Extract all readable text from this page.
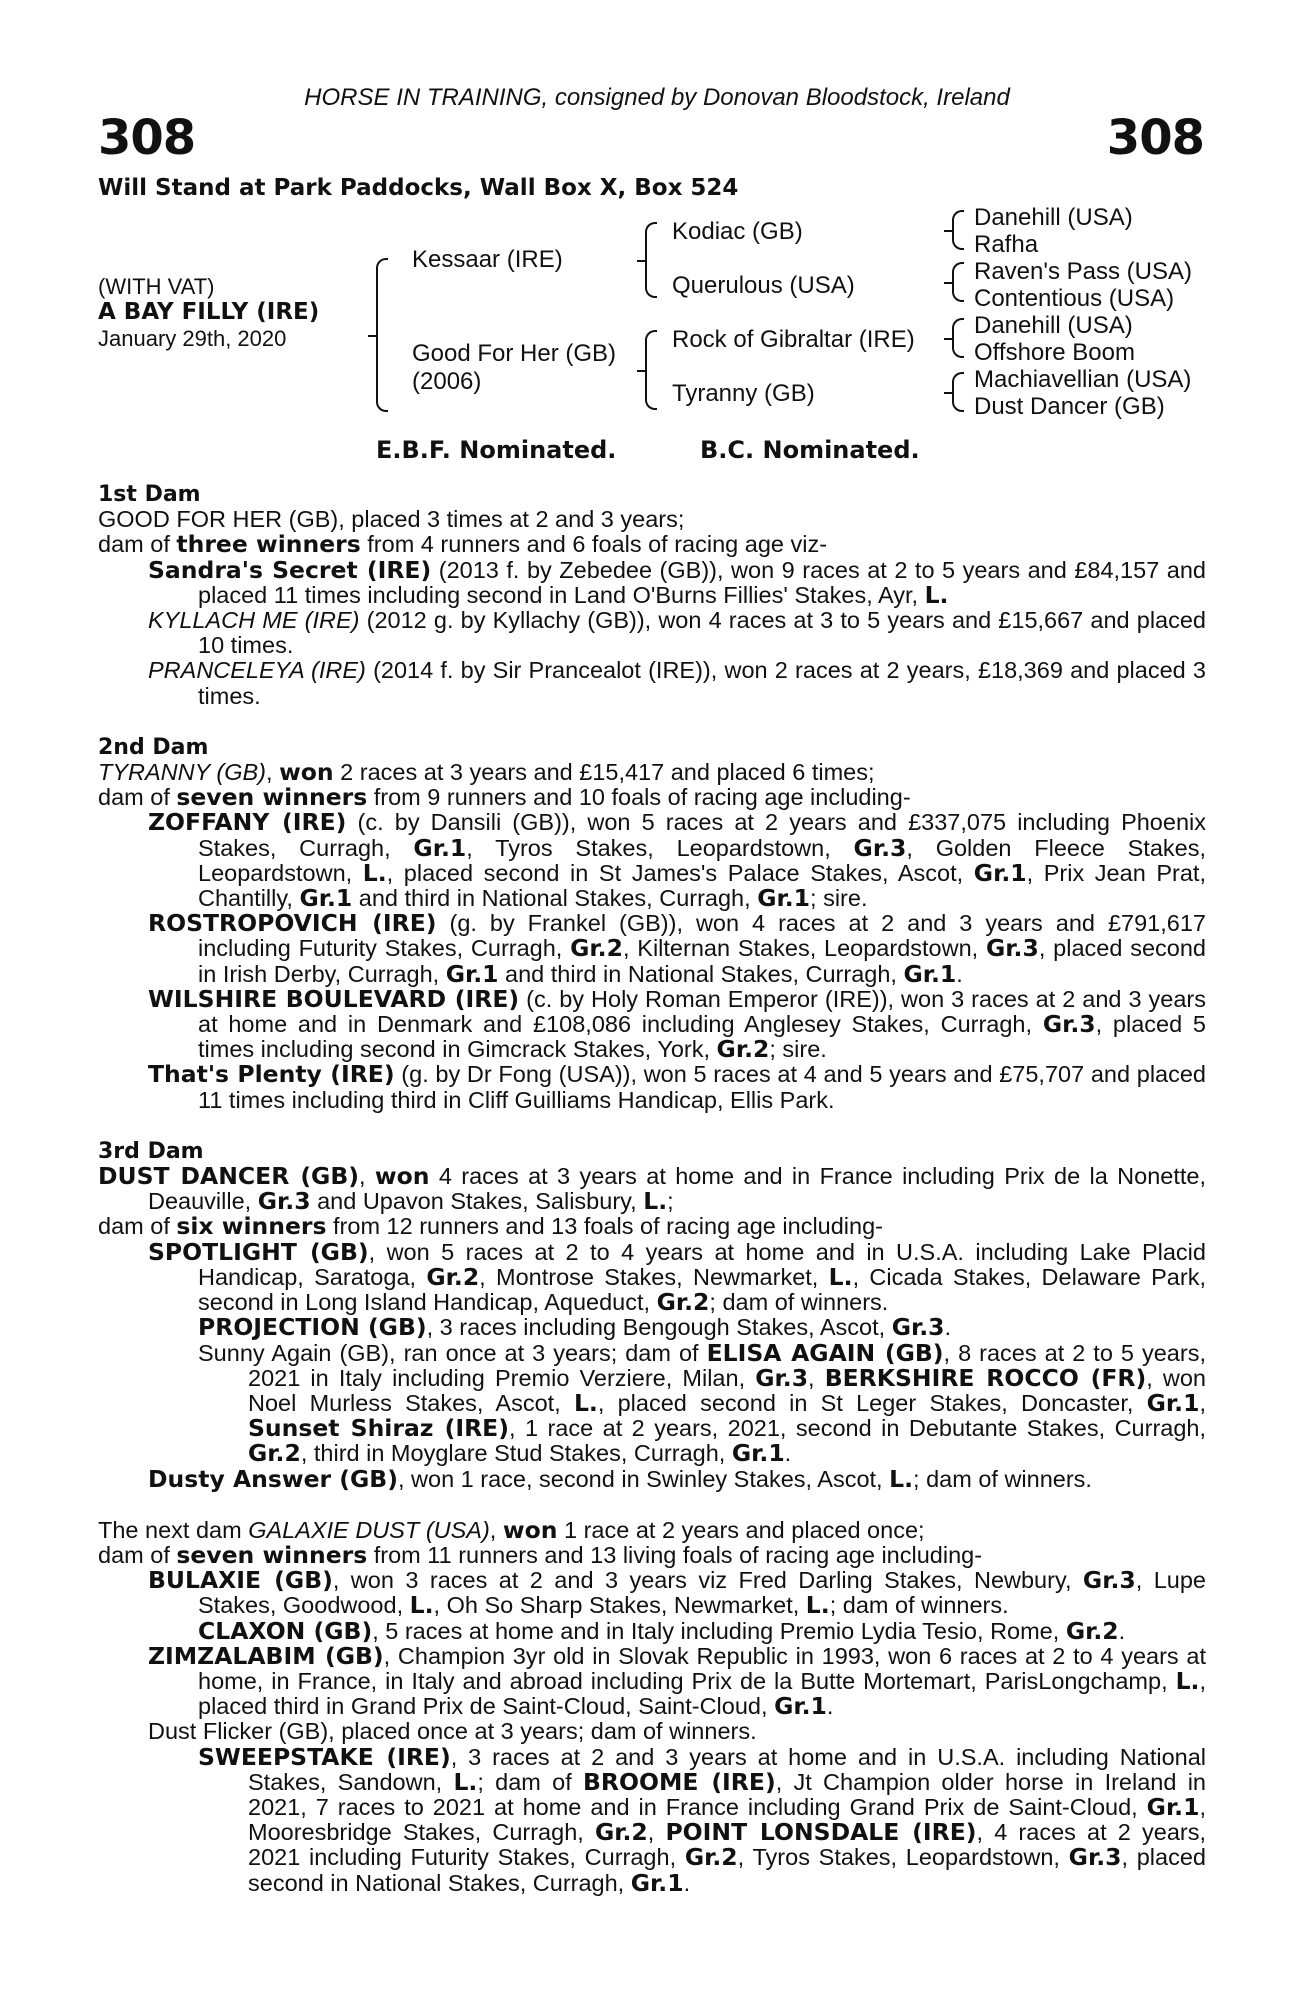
HORSE IN TRAINING, consigned by Donovan Bloodstock, Ireland
308	308
Will Stand at Park Paddocks, Wall Box X, Box 524
(WITH VAT)
A BAY FILLY (IRE)
January 29th, 2020
Kessaar (IRE)
Good For Her (GB)
(2006)
Kodiac (GB)
Querulous (USA)
Rock of Gibraltar (IRE)
Tyranny (GB)
Danehill (USA)
Rafha
Raven's Pass (USA)
Contentious (USA)
Danehill (USA)
Offshore Boom
Machiavellian (USA)
Dust Dancer (GB)
E.B.F. Nominated.	B.C. Nominated.

1st Dam

GOOD FOR HER (GB), placed 3 times at 2 and 3 years;

dam of three winners from 4 runners and 6 foals of racing age viz-

Sandra's Secret (IRE) (2013 f. by Zebedee (GB)), won 9 races at 2 to 5 years and £84,157 and placed 11 times including second in Land O'Burns Fillies' Stakes, Ayr, L.

KYLLACH ME (IRE) (2012 g. by Kyllachy (GB)), won 4 races at 3 to 5 years and £15,667 and placed 10 times.

PRANCELEYA (IRE) (2014 f. by Sir Prancealot (IRE)), won 2 races at 2 years, £18,369 and placed 3 times.

2nd Dam

TYRANNY (GB), won 2 races at 3 years and £15,417 and placed 6 times;

dam of seven winners from 9 runners and 10 foals of racing age including-

ZOFFANY (IRE) (c. by Dansili (GB)), won 5 races at 2 years and £337,075 including Phoenix Stakes, Curragh, Gr.1, Tyros Stakes, Leopardstown, Gr.3, Golden Fleece Stakes, Leopardstown, L., placed second in St James's Palace Stakes, Ascot, Gr.1, Prix Jean Prat, Chantilly, Gr.1 and third in National Stakes, Curragh, Gr.1; sire.

ROSTROPOVICH (IRE) (g. by Frankel (GB)), won 4 races at 2 and 3 years and £791,617 including Futurity Stakes, Curragh, Gr.2, Kilternan Stakes, Leopardstown, Gr.3, placed second in Irish Derby, Curragh, Gr.1 and third in National Stakes, Curragh, Gr.1.

WILSHIRE BOULEVARD (IRE) (c. by Holy Roman Emperor (IRE)), won 3 races at 2 and 3 years at home and in Denmark and £108,086 including Anglesey Stakes, Curragh, Gr.3, placed 5 times including second in Gimcrack Stakes, York, Gr.2; sire.

That's Plenty (IRE) (g. by Dr Fong (USA)), won 5 races at 4 and 5 years and £75,707 and placed 11 times including third in Cliff Guilliams Handicap, Ellis Park.

3rd Dam

DUST DANCER (GB), won 4 races at 3 years at home and in France including Prix de la Nonette, Deauville, Gr.3 and Upavon Stakes, Salisbury, L.;

dam of six winners from 12 runners and 13 foals of racing age including-

SPOTLIGHT (GB), won 5 races at 2 to 4 years at home and in U.S.A. including Lake Placid Handicap, Saratoga, Gr.2, Montrose Stakes, Newmarket, L., Cicada Stakes, Delaware Park, second in Long Island Handicap, Aqueduct, Gr.2; dam of winners.

PROJECTION (GB), 3 races including Bengough Stakes, Ascot, Gr.3.

Sunny Again (GB), ran once at 3 years; dam of ELISA AGAIN (GB), 8 races at 2 to 5 years, 2021 in Italy including Premio Verziere, Milan, Gr.3, BERKSHIRE ROCCO (FR), won Noel Murless Stakes, Ascot, L., placed second in St Leger Stakes, Doncaster, Gr.1, Sunset Shiraz (IRE), 1 race at 2 years, 2021, second in Debutante Stakes, Curragh, Gr.2, third in Moyglare Stud Stakes, Curragh, Gr.1.

Dusty Answer (GB), won 1 race, second in Swinley Stakes, Ascot, L.; dam of winners.

The next dam GALAXIE DUST (USA), won 1 race at 2 years and placed once;

dam of seven winners from 11 runners and 13 living foals of racing age including-

BULAXIE (GB), won 3 races at 2 and 3 years viz Fred Darling Stakes, Newbury, Gr.3, Lupe Stakes, Goodwood, L., Oh So Sharp Stakes, Newmarket, L.; dam of winners.

CLAXON (GB), 5 races at home and in Italy including Premio Lydia Tesio, Rome, Gr.2.

ZIMZALABIM (GB), Champion 3yr old in Slovak Republic in 1993, won 6 races at 2 to 4 years at home, in France, in Italy and abroad including Prix de la Butte Mortemart, ParisLongchamp, L., placed third in Grand Prix de Saint-Cloud, Saint-Cloud, Gr.1.

Dust Flicker (GB), placed once at 3 years; dam of winners.

SWEEPSTAKE (IRE), 3 races at 2 and 3 years at home and in U.S.A. including National Stakes, Sandown, L.; dam of BROOME (IRE), Jt Champion older horse in Ireland in 2021, 7 races to 2021 at home and in France including Grand Prix de Saint-Cloud, Gr.1, Mooresbridge Stakes, Curragh, Gr.2, POINT LONSDALE (IRE), 4 races at 2 years, 2021 including Futurity Stakes, Curragh, Gr.2, Tyros Stakes, Leopardstown, Gr.3, placed second in National Stakes, Curragh, Gr.1.
